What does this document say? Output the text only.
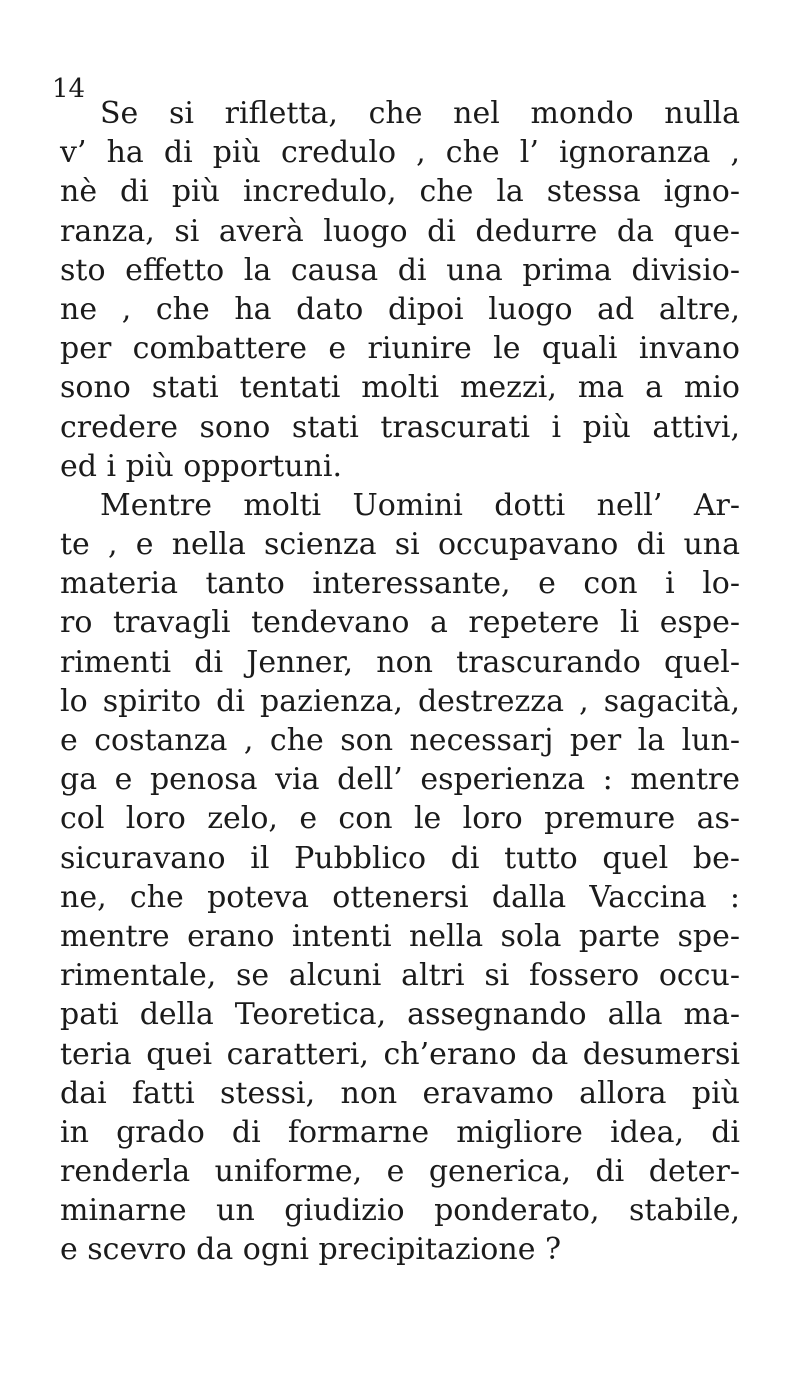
14
Se si rifletta, che nel mondo nulla
v’ ha di più credulo , che l’ ignoranza ,
nè di più incredulo, che la stessa igno-
ranza, si averà luogo di dedurre da que-
sto effetto la causa di una prima divisio-
ne , che ha dato dipoi luogo ad altre,
per combattere e riunire le quali invano
sono stati tentati molti mezzi, ma a mio
credere sono stati trascurati i più attivi,
ed i più opportuni.
Mentre molti Uomini dotti nell’ Ar-
te , e nella scienza si occupavano di una
materia tanto interessante, e con i lo-
ro travagli tendevano a repetere li espe-
rimenti di Jenner, non trascurando quel-
lo spirito di pazienza, destrezza , sagacità,
e costanza , che son necessarj per la lun-
ga e penosa via dell’ esperienza : mentre
col loro zelo, e con le loro premure as-
sicuravano il Pubblico di tutto quel be-
ne, che poteva ottenersi dalla Vaccina :
mentre erano intenti nella sola parte spe-
rimentale, se alcuni altri si fossero occu-
pati della Teoretica, assegnando alla ma-
teria quei caratteri, ch’erano da desumersi
dai fatti stessi, non eravamo allora più
in grado di formarne migliore idea, di
renderla uniforme, e generica, di deter-
minarne un giudizio ponderato, stabile,
e scevro da ogni precipitazione ?
